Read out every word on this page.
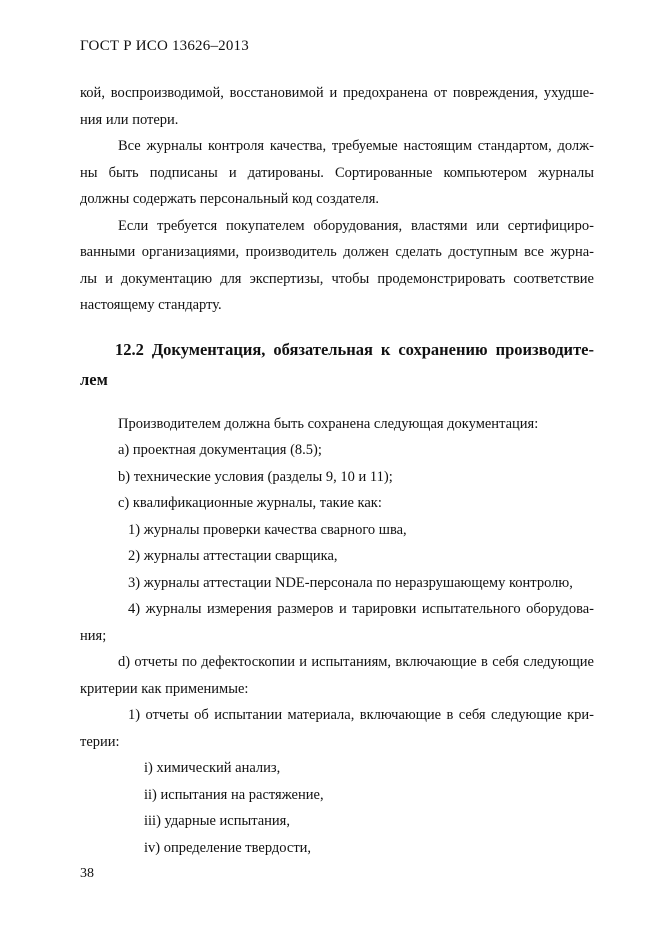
ГОСТ Р ИСО 13626–2013
кой, воспроизводимой, восстановимой и предохранена от повреждения, ухудше-
ния или потери.
Все журналы контроля качества, требуемые настоящим стандартом, долж-
ны быть подписаны и датированы. Сортированные компьютером журналы
должны содержать персональный код создателя.
Если требуется покупателем оборудования, властями или сертифициро-
ванными организациями, производитель должен сделать доступным все журна-
лы и документацию для экспертизы, чтобы продемонстрировать соответствие
настоящему стандарту.
12.2 Документация, обязательная к сохранению производите-
лем
Производителем должна быть сохранена следующая документация:
а) проектная документация (8.5);
b) технические условия (разделы 9, 10 и 11);
с) квалификационные журналы, такие как:
1) журналы проверки качества сварного шва,
2) журналы аттестации сварщика,
3) журналы аттестации NDE-персонала по неразрушающему контролю,
4) журналы измерения размеров и тарировки испытательного оборудова-
ния;
d) отчеты по дефектоскопии и испытаниям, включающие в себя следующие
критерии как применимые:
1) отчеты об испытании материала, включающие в себя следующие кри-
терии:
i) химический анализ,
ii) испытания на растяжение,
iii) ударные испытания,
iv) определение твердости,
38
